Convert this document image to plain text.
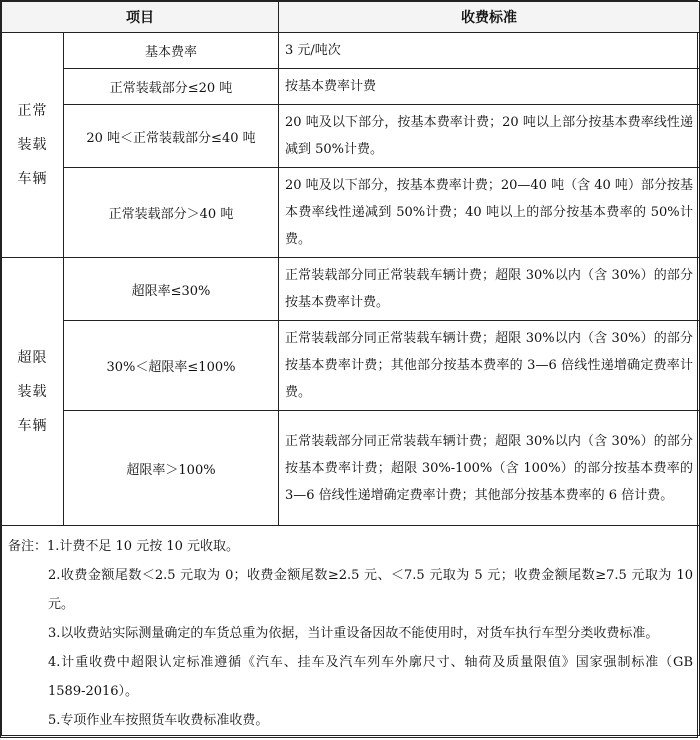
项目		收费标准
正常装载车辆	基本费率	3 元/吨次
	正常装载部分≤20 吨	按基本费率计费
	20 吨＜正常装载部分≤40 吨	20 吨及以下部分，按基本费率计费；20 吨以上部分按基本费率线性递减到 50%计费。
	正常装载部分＞40 吨	20 吨及以下部分，按基本费率计费；20—40 吨（含 40 吨）部分按基本费率线性递减到 50%计费；40 吨以上的部分按基本费率的 50%计费。
超限装载车辆	超限率≤30%	正常装载部分同正常装载车辆计费；超限 30%以内（含 30%）的部分按基本费率计费。
	30%＜超限率≤100%	正常装载部分同正常装载车辆计费；超限 30%以内（含 30%）的部分按基本费率计费；其他部分按基本费率的 3—6 倍线性递增确定费率计费。
	超限率＞100%	正常装载部分同正常装载车辆计费；超限 30%以内（含 30%）的部分按基本费率计费；超限 30%-100%（含 100%）的部分按基本费率的 3—6 倍线性递增确定费率计费；其他部分按基本费率的 6 倍计费。

备注：1.计费不足 10 元按 10 元收取。
2.收费金额尾数＜2.5 元取为 0；收费金额尾数≥2.5 元、＜7.5 元取为 5 元；收费金额尾数≥7.5 元取为 10 元。
3.以收费站实际测量确定的车货总重为依据，当计重设备因故不能使用时，对货车执行车型分类收费标准。
4.计重收费中超限认定标准遵循《汽车、挂车及汽车列车外廓尺寸、轴荷及质量限值》国家强制标准（GB 1589-2016）。
5.专项作业车按照货车收费标准收费。		
